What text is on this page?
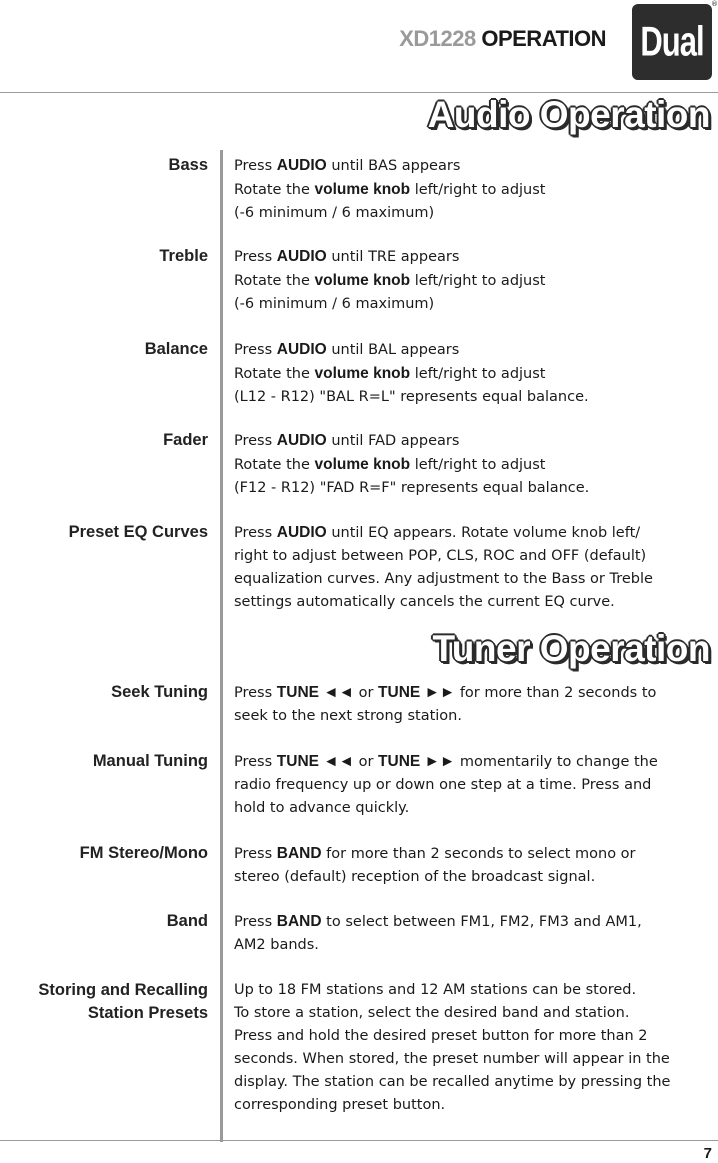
XD1228 OPERATION Dual
®
Audio Operation
Tuner Operation
Bass Press AUDIO until BAS appears
Rotate the volume knob left/right to adjust
(-6 minimum / 6 maximum)
Treble Press AUDIO until TRE appears
Rotate the volume knob left/right to adjust
(-6 minimum / 6 maximum)
Balance Press AUDIO until BAL appears
Rotate the volume knob left/right to adjust
(L12 - R12) "BAL R=L" represents equal balance.
Fader Press AUDIO until FAD appears
Rotate the volume knob left/right to adjust
(F12 - R12) "FAD R=F" represents equal balance.
Preset EQ Curves Press AUDIO until EQ appears. Rotate volume knob left/
right to adjust between POP, CLS, ROC and OFF (default)
equalization curves. Any adjustment to the Bass or Treble
settings automatically cancels the current EQ curve.
Seek Tuning Press TUNE ◄◄ or TUNE ►► for more than 2 seconds to
seek to the next strong station.
Manual Tuning Press TUNE ◄◄ or TUNE ►► momentarily to change the
radio frequency up or down one step at a time. Press and
hold to advance quickly.
FM Stereo/Mono Press BAND for more than 2 seconds to select mono or
stereo (default) reception of the broadcast signal.
Band Press BAND to select between FM1, FM2, FM3 and AM1,
AM2 bands.
Storing and Recalling
Station Presets
Up to 18 FM stations and 12 AM stations can be stored.
To store a station, select the desired band and station.
Press and hold the desired preset button for more than 2
seconds. When stored, the preset number will appear in the
display. The station can be recalled anytime by pressing the
corresponding preset button.
7
